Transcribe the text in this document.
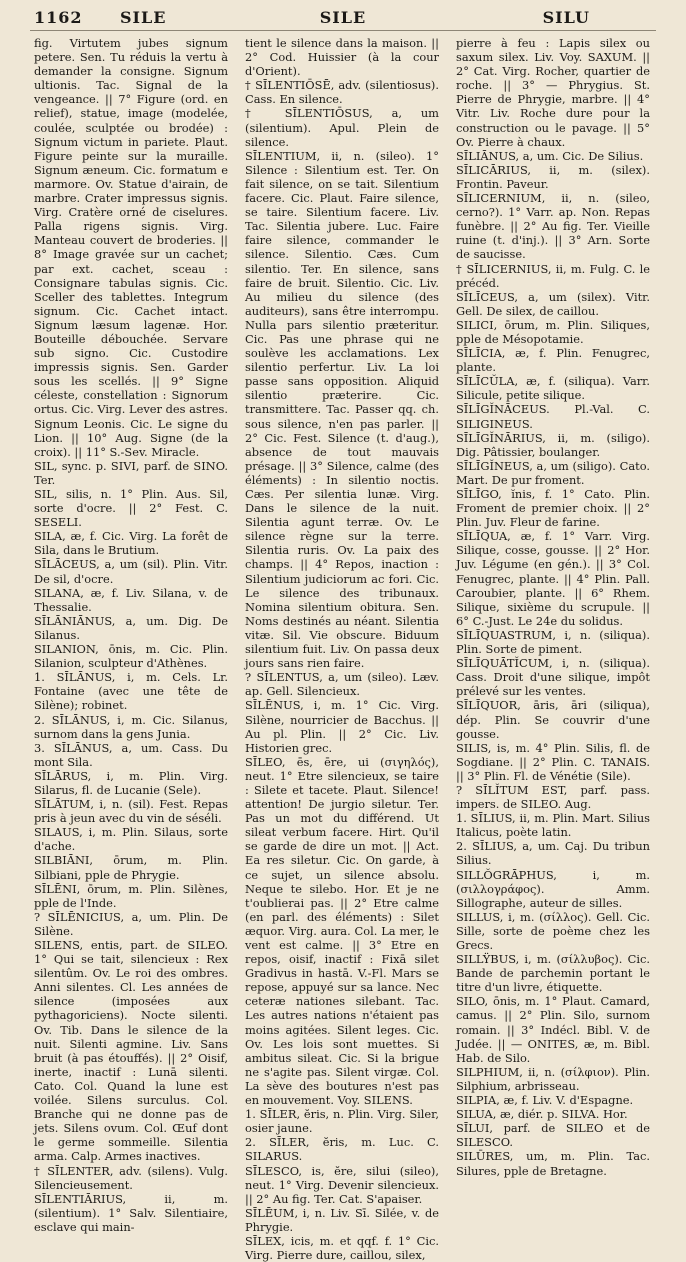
1162 SILE	SILE	SILU

fig. Virtutem jubes signum petere. Sen. Tu réduis la vertu à demander la consigne. Signum ultionis. Tac. Signal de la vengeance. || 7° Figure (ord. en relief), statue, image (modelée, coulée, sculptée ou brodée) : Signum victum in pariete. Plaut. Figure peinte sur la muraille. Signum æneum. Cic. formatum e marmore. Ov. Statue d'airain, de marbre. Crater impressus signis. Virg. Cratère orné de ciselures. Palla rigens signis. Virg. Manteau couvert de broderies. || 8° Image gravée sur un cachet; par ext. cachet, sceau : Consignare tabulas signis. Cic. Sceller des tablettes. Integrum signum. Cic. Cachet intact. Signum læsum lagenæ. Hor. Bouteille débouchée. Servare sub signo. Cic. Custodire impressis signis. Sen. Garder sous les scellés. || 9° Signe céleste, constellation : Signorum ortus. Cic. Virg. Lever des astres. Signum Leonis. Cic. Le signe du Lion. || 10° Aug. Signe (de la croix). || 11° S.-Sev. Miracle.

SIL, sync. p. SIVI, parf. de SINO. Ter.

SIL, silis, n. 1° Plin. Aus. Sil, sorte d'ocre. || 2° Fest. C. SESELI.

SILA, æ, f. Cic. Virg. La forêt de Sila, dans le Brutium.

SĪLĀCEUS, a, um (sil). Plin. Vitr. De sil, d'ocre.

SILANA, æ, f. Liv. Silana, v. de Thessalie.

SĪLĀNIĀNUS, a, um. Dig. De Silanus.

SILANION, ōnis, m. Cic. Plin. Silanion, sculpteur d'Athènes.

1. SĪLĀNUS, i, m. Cels. Lr. Fontaine (avec une tête de Silène); robinet.

2. SĪLĀNUS, i, m. Cic. Silanus, surnom dans la gens Junia.

3. SĪLĀNUS, a, um. Cass. Du mont Sila.

SĪLĀRUS, i, m. Plin. Virg. Silarus, fl. de Lucanie (Sele).

SĪLĀTUM, i, n. (sil). Fest. Repas pris à jeun avec du vin de séséli.

SILAUS, i, m. Plin. Silaus, sorte d'ache.

SILBIĀNI, ōrum, m. Plin. Silbiani, pple de Phrygie.

SĪLĒNI, ōrum, m. Plin. Silènes, pple de l'Inde.

? SĪLĒNICIUS, a, um. Plin. De Silène.

SILENS, entis, part. de SILEO. 1° Qui se tait, silencieux : Rex silentûm. Ov. Le roi des ombres. Anni silentes. Cl. Les années de silence (imposées aux pythagoriciens). Nocte silenti. Ov. Tib. Dans le silence de la nuit. Silenti agmine. Liv. Sans bruit (à pas étouffés). || 2° Oisif, inerte, inactif : Lunā silenti. Cato. Col. Quand la lune est voilée. Silens surculus. Col. Branche qui ne donne pas de jets. Silens ovum. Col. Œuf dont le germe sommeille. Silentia arma. Calp. Armes inactives.

† SĪLENTER, adv. (silens). Vulg. Silencieusement.

SĪLENTIĀRIUS, ii, m. (silentium). 1° Salv. Silentiaire, esclave qui main-

tient le silence dans la maison. || 2° Cod. Huissier (à la cour d'Orient).

† SĪLENTIŌSĒ, adv. (silentiosus). Cass. En silence.

† SĪLENTIŌSUS, a, um (silentium). Apul. Plein de silence.

SĪLENTIUM, ii, n. (sileo). 1° Silence : Silentium est. Ter. On fait silence, on se tait. Silentium facere. Cic. Plaut. Faire silence, se taire. Silentium facere. Liv. Tac. Silentia jubere. Luc. Faire faire silence, commander le silence. Silentio. Cæs. Cum silentio. Ter. En silence, sans faire de bruit. Silentio. Cic. Liv. Au milieu du silence (des auditeurs), sans être interrompu. Nulla pars silentio præteritur. Cic. Pas une phrase qui ne soulève les acclamations. Lex silentio perfertur. Liv. La loi passe sans opposition. Aliquid silentio præterire. Cic. transmittere. Tac. Passer qq. ch. sous silence, n'en pas parler. || 2° Cic. Fest. Silence (t. d'aug.), absence de tout mauvais présage. || 3° Silence, calme (des éléments) : In silentio noctis. Cæs. Per silentia lunæ. Virg. Dans le silence de la nuit. Silentia agunt terræ. Ov. Le silence règne sur la terre. Silentia ruris. Ov. La paix des champs. || 4° Repos, inaction : Silentium judiciorum ac fori. Cic. Le silence des tribunaux. Nomina silentium obitura. Sen. Noms destinés au néant. Silentia vitæ. Sil. Vie obscure. Biduum silentium fuit. Liv. On passa deux jours sans rien faire.

? SĪLENTUS, a, um (sileo). Læv. ap. Gell. Silencieux.

SĪLĒNUS, i, m. 1° Cic. Virg. Silène, nourricier de Bacchus. || Au pl. Plin. || 2° Cic. Liv. Historien grec.

SĪLEO, ēs, ēre, ui (σιγηλός), neut. 1° Etre silencieux, se taire : Silete et tacete. Plaut. Silence! attention! De jurgio siletur. Ter. Pas un mot du différend. Ut sileat verbum facere. Hirt. Qu'il se garde de dire un mot. || Act. Ea res siletur. Cic. On garde, à ce sujet, un silence absolu. Neque te silebo. Hor. Et je ne t'oublierai pas. || 2° Etre calme (en parl. des éléments) : Silet æquor. Virg. aura. Col. La mer, le vent est calme. || 3° Etre en repos, oisif, inactif : Fixā silet Gradivus in hastā. V.-Fl. Mars se repose, appuyé sur sa lance. Nec ceteræ nationes silebant. Tac. Les autres nations n'étaient pas moins agitées. Silent leges. Cic. Ov. Les lois sont muettes. Si ambitus sileat. Cic. Si la brigue ne s'agite pas. Silent virgæ. Col. La sève des boutures n'est pas en mouvement. Voy. SILENS.

1. SĪLER, ĕris, n. Plin. Virg. Siler, osier jaune.

2. SĪLER, ĕris, m. Luc. C. SILARUS.

SĪLESCO, is, ĕre, silui (sileo), neut. 1° Virg. Devenir silencieux. || 2° Au fig. Ter. Cat. S'apaiser.

SĪLĒUM, i, n. Liv. Sī. Silée, v. de Phrygie.

SĪLEX, icis, m. et qqf. f. 1° Cic. Virg. Pierre dure, caillou, silex,

pierre à feu : Lapis silex ou saxum silex. Liv. Voy. SAXUM. || 2° Cat. Virg. Rocher, quartier de roche. || 3° — Phrygius. St. Pierre de Phrygie, marbre. || 4° Vitr. Liv. Roche dure pour la construction ou le pavage. || 5° Ov. Pierre à chaux.

SĪLIĀNUS, a, um. Cic. De Silius.

SĪLICĀRIUS, ii, m. (silex). Frontin. Paveur.

SĪLICERNIUM, ii, n. (sileo, cerno?). 1° Varr. ap. Non. Repas funèbre. || 2° Au fig. Ter. Vieille ruine (t. d'inj.). || 3° Arn. Sorte de saucisse.

† SĪLICERNIUS, ii, m. Fulg. C. le précéd.

SĪLĪCEUS, a, um (silex). Vitr. Gell. De silex, de caillou.

SILICI, ōrum, m. Plin. Siliques, pple de Mésopotamie.

SĪLĪCIA, æ, f. Plin. Fenugrec, plante.

SĪLĪCŬLA, æ, f. (siliqua). Varr. Silicule, petite silique.

SĪLĪGĬNĀCEUS. Pl.-Val. C. SILIGINEUS.

SĪLĪGĬNĀRIUS, ii, m. (siligo). Dig. Pâtissier, boulanger.

SĪLĪGĬNEUS, a, um (siligo). Cato. Mart. De pur froment.

SĪLĪGO, ĭnis, f. 1° Cato. Plin. Froment de premier choix. || 2° Plin. Juv. Fleur de farine.

SĪLĪQUA, æ, f. 1° Varr. Virg. Silique, cosse, gousse. || 2° Hor. Juv. Légume (en gén.). || 3° Col. Fenugrec, plante. || 4° Plin. Pall. Caroubier, plante. || 6° Rhem. Silique, sixième du scrupule. || 6° C.-Just. Le 24e du solidus.

SĪLĪQUASTRUM, i, n. (siliqua). Plin. Sorte de piment.

SĪLĪQUĀTĬCUM, i, n. (siliqua). Cass. Droit d'une silique, impôt prélevé sur les ventes.

SĪLĪQUOR, āris, āri (siliqua), dép. Plin. Se couvrir d'une gousse.

SILIS, is, m. 4° Plin. Silis, fl. de Sogdiane. || 2° Plin. C. TANAIS. || 3° Plin. Fl. de Vénétie (Sile).

? SĪLĬTUM EST, parf. pass. impers. de SILEO. Aug.

1. SĪLIUS, ii, m. Plin. Mart. Silius Italicus, poète latin.

2. SĪLIUS, a, um. Caj. Du tribun Silius.

SILLŎGRĀPHUS, i, m. (σιλλογράφος). Amm. Sillographe, auteur de silles.

SILLUS, i, m. (σίλλος). Gell. Cic. Sille, sorte de poème chez les Grecs.

SILLŸBUS, i, m. (σίλλυβος). Cic. Bande de parchemin portant le titre d'un livre, étiquette.

SILO, ōnis, m. 1° Plaut. Camard, camus. || 2° Plin. Silo, surnom romain. || 3° Indécl. Bibl. V. de Judée. || — ONITES, æ, m. Bibl. Hab. de Silo.

SILPHIUM, ii, n. (σίλφιον). Plin. Silphium, arbrisseau.

SILPIA, æ, f. Liv. V. d'Espagne.

SILUA, æ, diér. p. SILVA. Hor.

SĪLUI, parf. de SILEO et de SILESCO.

SILŪRES, um, m. Plin. Tac. Silures, pple de Bretagne.
